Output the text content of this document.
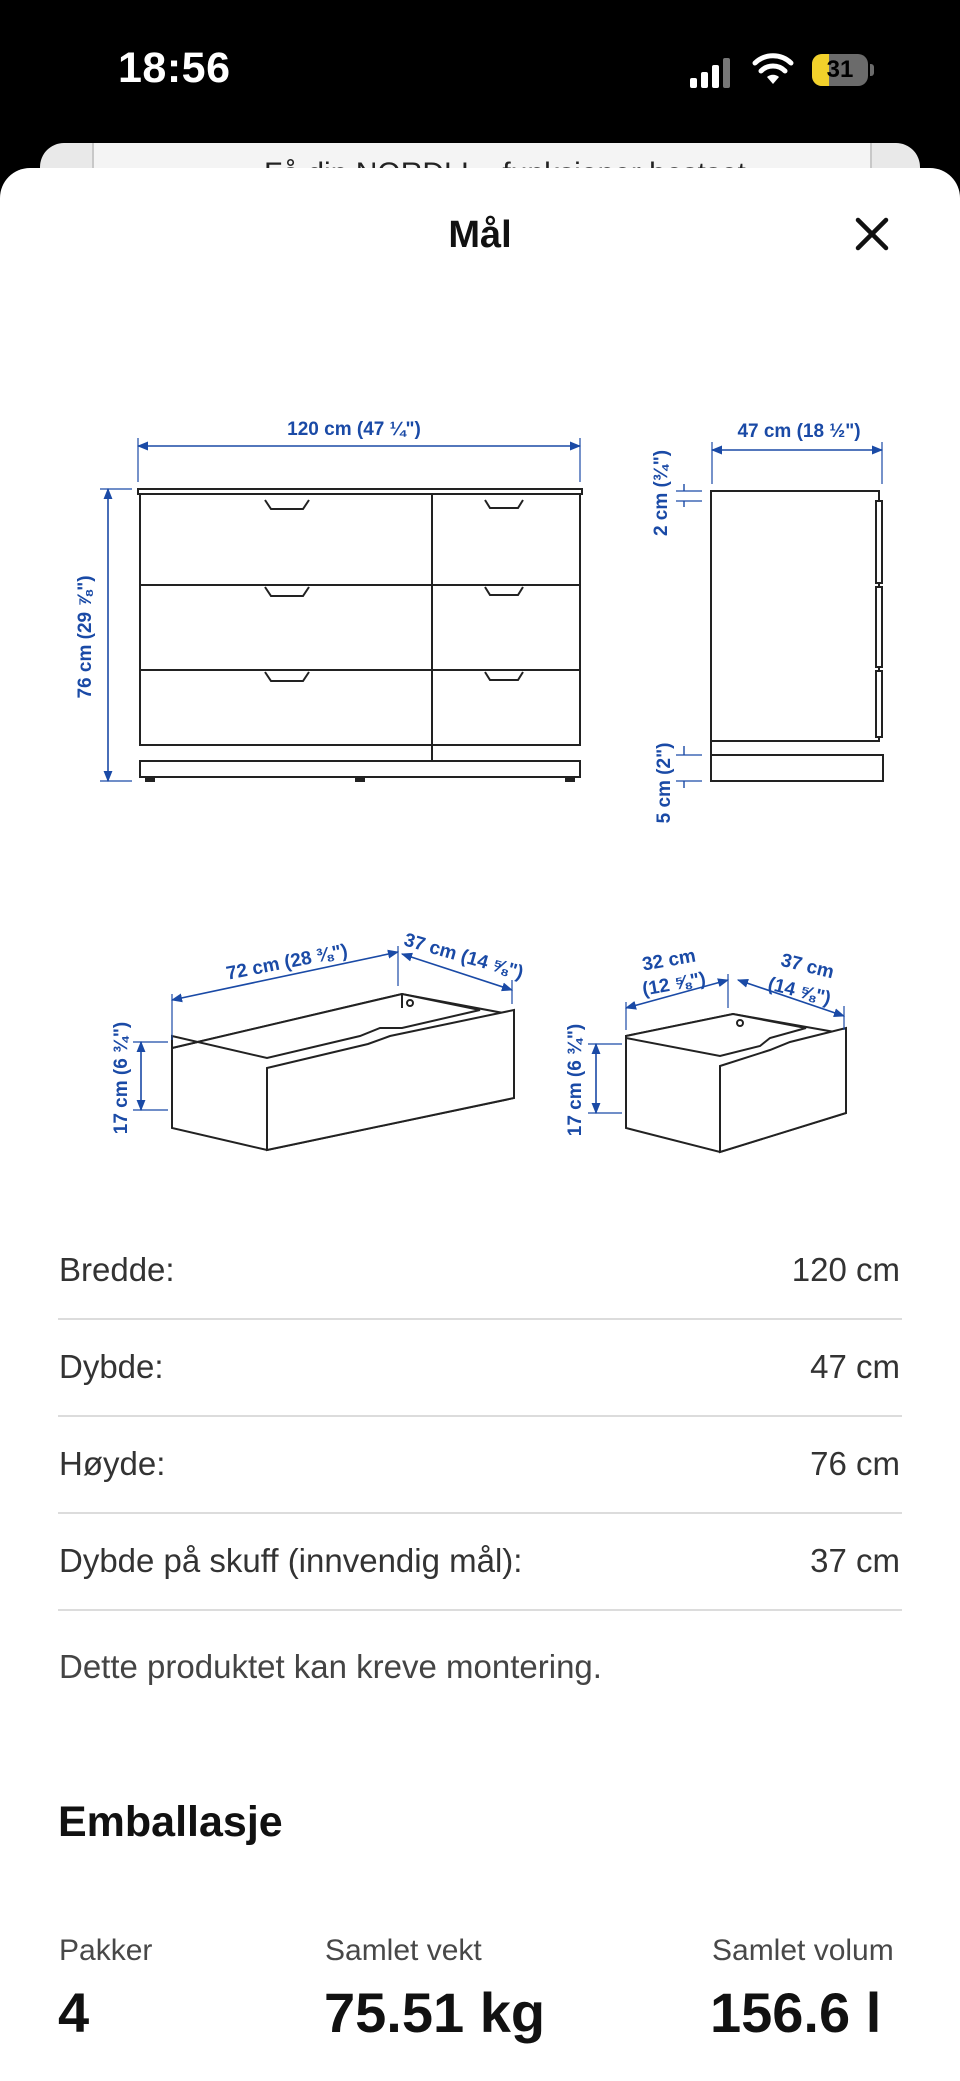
18:56	31
Mål
120 cm (47 ¼")
76 cm (29 ⅞")
47 cm (18 ½")
2 cm (¾")
5 cm (2")
72 cm (28 ⅜")	37 cm (14 ⅝")
17 cm (6 ¾")
32 cm
(12 ⅝")
37 cm
(14 ⅝")
17 cm (6 ¾")
Bredde:	120 cm
Dybde:	47 cm
Høyde:	76 cm
Dybde på skuff (innvendig mål):	37 cm
Dette produktet kan kreve montering.
Emballasje
Pakker
4
Samlet vekt
75.51 kg
Samlet volum
156.6 l
